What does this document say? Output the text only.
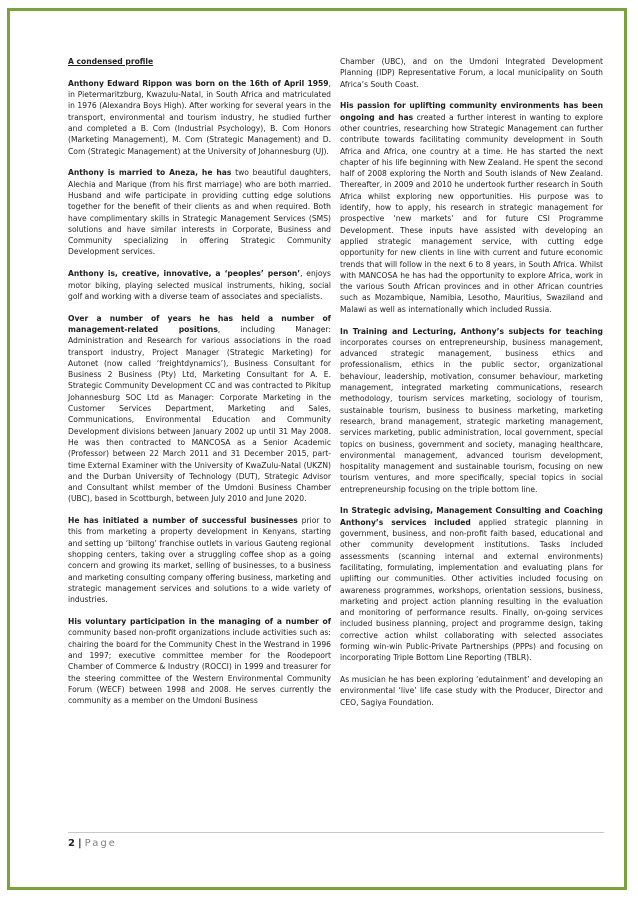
A condensed profile

Anthony Edward Rippon was born on the 16th of April 1959, in Pietermaritzburg, Kwazulu-Natal, in South Africa and matriculated in 1976 (Alexandra Boys High). After working for several years in the transport, environmental and tourism industry, he studied further and completed a B. Com (Industrial Psychology), B. Com Honors (Marketing Management), M. Com (Strategic Management) and D. Com (Strategic Management) at the University of Johannesburg (UJ).

Anthony is married to Aneza, he has two beautiful daughters, Alechia and Marique (from his first marriage) who are both married. Husband and wife participate in providing cutting edge solutions together for the benefit of their clients as and when required. Both have complimentary skills in Strategic Management Services (SMS) solutions and have similar interests in Corporate, Business and Community specializing in offering Strategic Community Development services.

Anthony is, creative, innovative, a ‘peoples’ person’, enjoys motor biking, playing selected musical instruments, hiking, social golf and working with a diverse team of associates and specialists.

Over a number of years he has held a number of management-related positions, including Manager: Administration and Research for various associations in the road transport industry, Project Manager (Strategic Marketing) for Autonet (now called ‘freightdynamics’), Business Consultant for Business 2 Business (Pty) Ltd, Marketing Consultant for A. E. Strategic Community Development CC and was contracted to Pikitup Johannesburg SOC Ltd as Manager: Corporate Marketing in the Customer Services Department, Marketing and Sales, Communications, Environmental Education and Community Development divisions between January 2002 up until 31 May 2008. He was then contracted to MANCOSA as a Senior Academic (Professor) between 22 March 2011 and 31 December 2015, part-time External Examiner with the University of KwaZulu-Natal (UKZN) and the Durban University of Technology (DUT), Strategic Advisor and Consultant whilst member of the Umdoni Business Chamber (UBC), based in Scottburgh, between July 2010 and June 2020.

He has initiated a number of successful businesses prior to this from marketing a property development in Kenyans, starting and setting up ‘biltong’ franchise outlets in various Gauteng regional shopping centers, taking over a struggling coffee shop as a going concern and growing its market, selling of businesses, to a business and marketing consulting company offering business, marketing and strategic management services and solutions to a wide variety of industries.

His voluntary participation in the managing of a number of community based non-profit organizations include activities such as: chairing the board for the Community Chest in the Westrand in 1996 and 1997; executive committee member for the Roodepoort Chamber of Commerce & Industry (ROCCI) in 1999 and treasurer for the steering committee of the Western Environmental Community Forum (WECF) between 1998 and 2008. He serves currently the community as a member on the Umdoni Business

Chamber (UBC), and on the Umdoni Integrated Development Planning (IDP) Representative Forum, a local municipality on South Africa’s South Coast.

His passion for uplifting community environments has been ongoing and has created a further interest in wanting to explore other countries, researching how Strategic Management can further contribute towards facilitating community development in South Africa and Africa, one country at a time. He has started the next chapter of his life beginning with New Zealand. He spent the second half of 2008 exploring the North and South islands of New Zealand. Thereafter, in 2009 and 2010 he undertook further research in South Africa whilst exploring new opportunities. His purpose was to identify, how to apply, his research in strategic management for prospective ‘new markets’ and for future CSI Programme Development. These inputs have assisted with developing an applied strategic management service, with cutting edge opportunity for new clients in line with current and future economic trends that will follow in the next 6 to 8 years, in South Africa. Whilst with MANCOSA he has had the opportunity to explore Africa, work in the various South African provinces and in other African countries such as Mozambique, Namibia, Lesotho, Mauritius, Swaziland and Malawi as well as internationally which included Russia.

In Training and Lecturing, Anthony’s subjects for teaching incorporates courses on entrepreneurship, business management, advanced strategic management, business ethics and professionalism, ethics in the public sector, organizational behaviour, leadership, motivation, consumer behaviour, marketing management, integrated marketing communications, research methodology, tourism services marketing, sociology of tourism, sustainable tourism, business to business marketing, marketing research, brand management, strategic marketing management, services marketing, public administration, local government, special topics on business, government and society, managing healthcare, environmental management, advanced tourism development, hospitality management and sustainable tourism, focusing on new tourism ventures, and more specifically, special topics in social entrepreneurship focusing on the triple bottom line.

In Strategic advising, Management Consulting and Coaching Anthony’s services included applied strategic planning in government, business, and non-profit faith based, educational and other community development institutions. Tasks included assessments (scanning internal and external environments) facilitating, formulating, implementation and evaluating plans for uplifting our communities. Other activities included focusing on awareness programmes, workshops, orientation sessions, business, marketing and project action planning resulting in the evaluation and monitoring of performance results. Finally, on-going services included business planning, project and programme design, taking corrective action whilst collaborating with selected associates forming win-win Public-Private Partnerships (PPPs) and focusing on incorporating Triple Bottom Line Reporting (TBLR).

As musician he has been exploring ‘edutainment’ and developing an environmental ‘live’ life case study with the Producer, Director and CEO, Sagiya Foundation.

2 | Page
